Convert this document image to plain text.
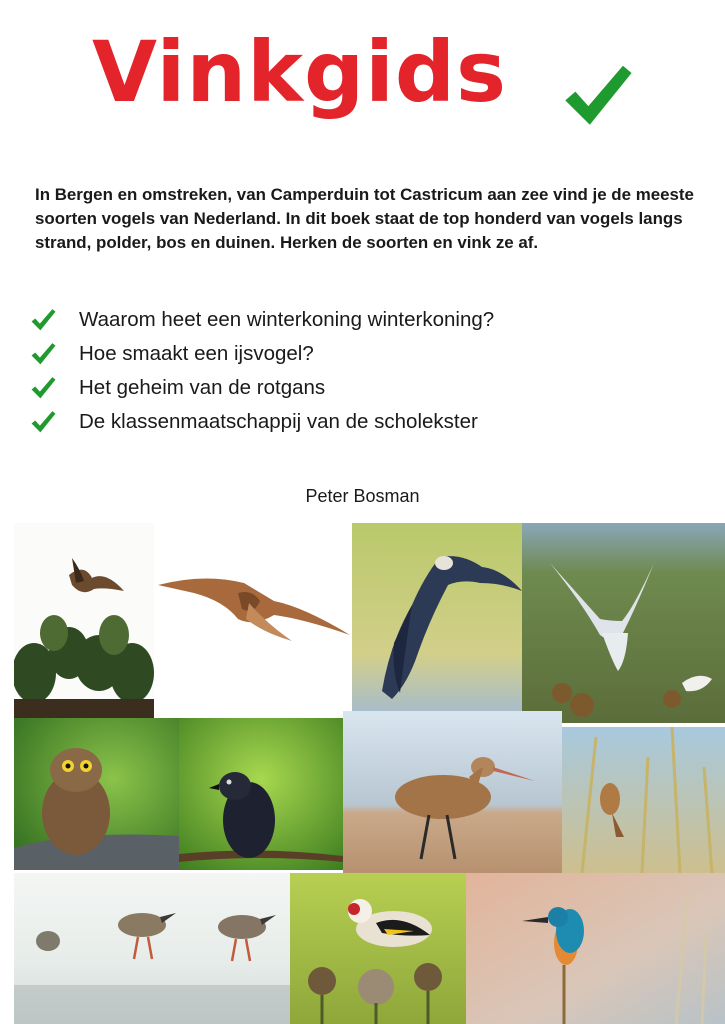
Vinkgids

In Bergen en omstreken, van Camperduin tot Castricum aan zee vind je de meeste soorten vogels van Nederland. In dit boek staat de top honderd van vogels langs strand, polder, bos en duinen. Herken de soorten en vink ze af.

Waarom heet een winterkoning winterkoning?
Hoe smaakt een ijsvogel?
Het geheim van de rotgans
De klassenmaatschappij van de scholekster
Peter Bosman
